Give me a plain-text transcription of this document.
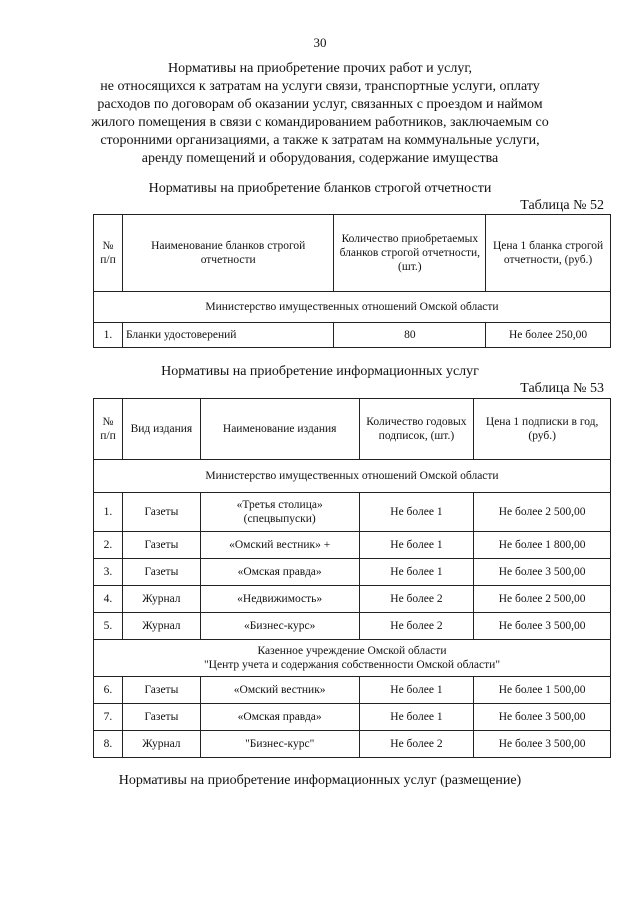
30
Нормативы на приобретение прочих работ и услуг,
не относящихся к затратам на услуги связи, транспортные услуги, оплату
расходов по договорам об оказании услуг, связанных с проездом и наймом
жилого помещения в связи с командированием работников, заключаемым со
сторонними организациями, а также к затратам на коммунальные услуги,
аренду помещений и оборудования, содержание имущества
Нормативы на приобретение бланков строгой отчетности
Таблица № 52
№ п/п	Наименование бланков строгой отчетности	Количество приобретаемых бланков строгой отчетности, (шт.)	Цена 1 бланка строгой отчетности, (руб.)
Министерство имущественных отношений Омской области			
1.	Бланки удостоверений	80	Не более 250,00
Нормативы на приобретение информационных услуг
Таблица № 53
№ п/п	Вид издания	Наименование издания	Количество годовых подписок, (шт.)	Цена 1 подписки в год, (руб.)
Министерство имущественных отношений Омской области				
1.	Газеты	«Третья столица» (спецвыпуски)	Не более 1	Не более 2 500,00
2.	Газеты	«Омский вестник» +	Не более 1	Не более 1 800,00
3.	Газеты	«Омская правда»	Не более 1	Не более 3 500,00
4.	Журнал	«Недвижимость»	Не более 2	Не более 2 500,00
5.	Журнал	«Бизнес-курс»	Не более 2	Не более 3 500,00

Казенное учреждение Омской области
"Центр учета и содержания собственности Омской области"				

6.	Газеты	«Омский вестник»	Не более 1	Не более 1 500,00
7.	Газеты	«Омская правда»	Не более 1	Не более 3 500,00
8.	Журнал	"Бизнес-курс"	Не более 2	Не более 3 500,00
Нормативы на приобретение информационных услуг (размещение)
